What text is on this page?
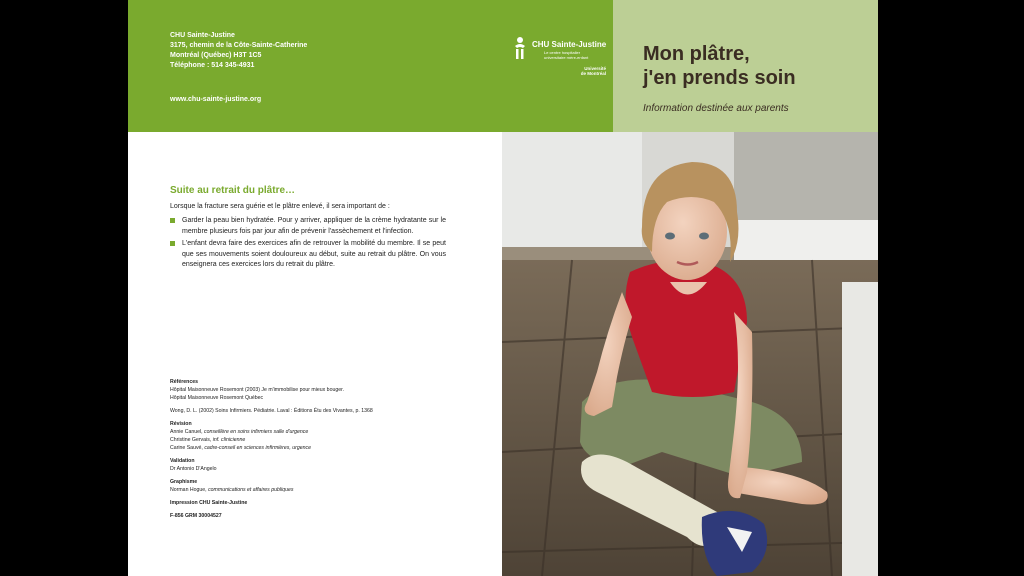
CHU Sainte-Justine
3175, chemin de la Côte-Sainte-Catherine
Montréal (Québec) H3T 1C5
Téléphone : 514 345-4931
www.chu-sainte-justine.org
CHU Sainte-Justine
Le centre hospitalier universitaire mère-enfant
Université de Montréal
Mon plâtre,
j'en prends soin
Information destinée aux parents
Suite au retrait du plâtre…
Lorsque la fracture sera guérie et le plâtre enlevé, il sera important de :
Garder la peau bien hydratée. Pour y arriver, appliquer de la crème hydratante sur le membre plusieurs fois par jour afin de prévenir l'assèchement et l'infection.
L'enfant devra faire des exercices afin de retrouver la mobilité du membre. Il se peut que ses mouvements soient douloureux au début, suite au retrait du plâtre. On vous enseignera ces exercices lors du retrait du plâtre.
Références
Hôpital Maisonneuve Rosemont (2003) Je m'immobilise pour mieux bouger.
Hôpital Maisonneuve Rosemont Québec
Wong, D. L. (2002) Soins Infirmiers. Pédiatrie. Laval : Éditions Étu des Vivantes, p. 1368
Révision
Annie Canuel, conseillère en soins infirmiers salle d'urgence
Christine Gervais, inf. clinicienne
Carine Sauvé, cadre-conseil en sciences infirmières, urgence
Validation
Dr Antonio D'Angelo
Graphisme
Norman Hogue, communications et affaires publiques
Impression CHU Sainte-Justine
F-856 GRM 30004527
